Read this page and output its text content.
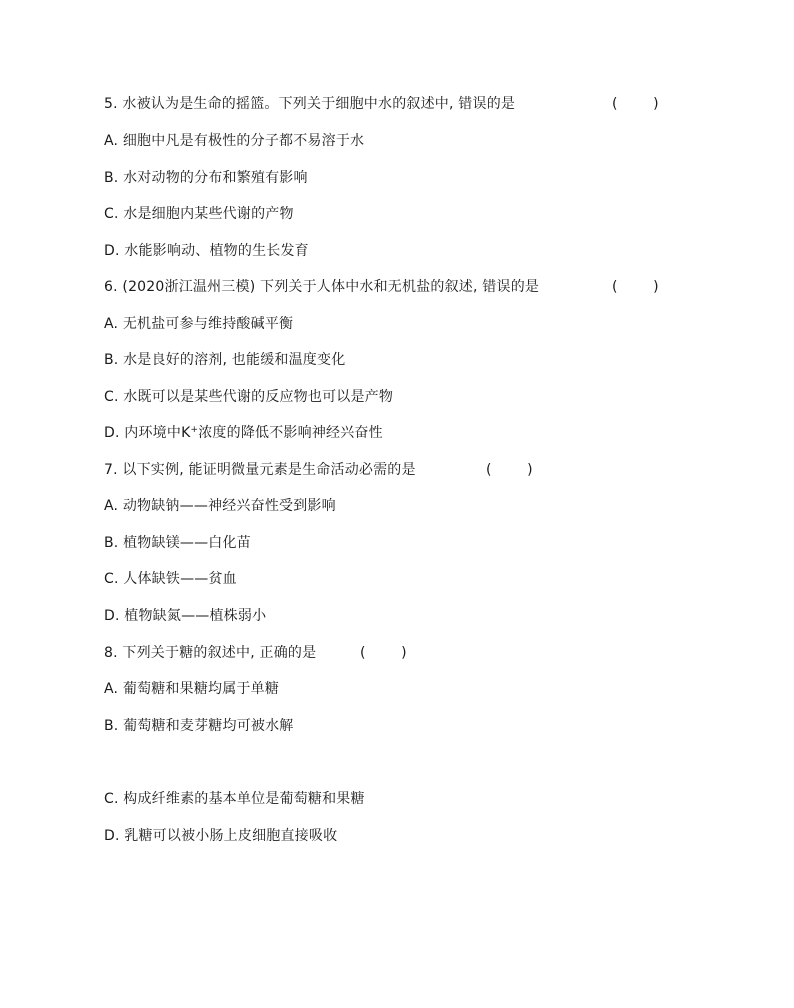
5. 水被认为是生命的摇篮。下列关于细胞中水的叙述中, 错误的是	(        )
A. 细胞中凡是有极性的分子都不易溶于水
B. 水对动物的分布和繁殖有影响
C. 水是细胞内某些代谢的产物
D. 水能影响动、植物的生长发育
6. (2020浙江温州三模) 下列关于人体中水和无机盐的叙述, 错误的是	(        )
A. 无机盐可参与维持酸碱平衡
B. 水是良好的溶剂, 也能缓和温度变化
C. 水既可以是某些代谢的反应物也可以是产物
D. 内环境中K+浓度的降低不影响神经兴奋性
7. 以下实例, 能证明微量元素是生命活动必需的是	(        )
A. 动物缺钠——神经兴奋性受到影响
B. 植物缺镁——白化苗
C. 人体缺铁——贫血
D. 植物缺氮——植株弱小
8. 下列关于糖的叙述中, 正确的是	(        )
A. 葡萄糖和果糖均属于单糖
B. 葡萄糖和麦芽糖均可被水解
C. 构成纤维素的基本单位是葡萄糖和果糖
D. 乳糖可以被小肠上皮细胞直接吸收
